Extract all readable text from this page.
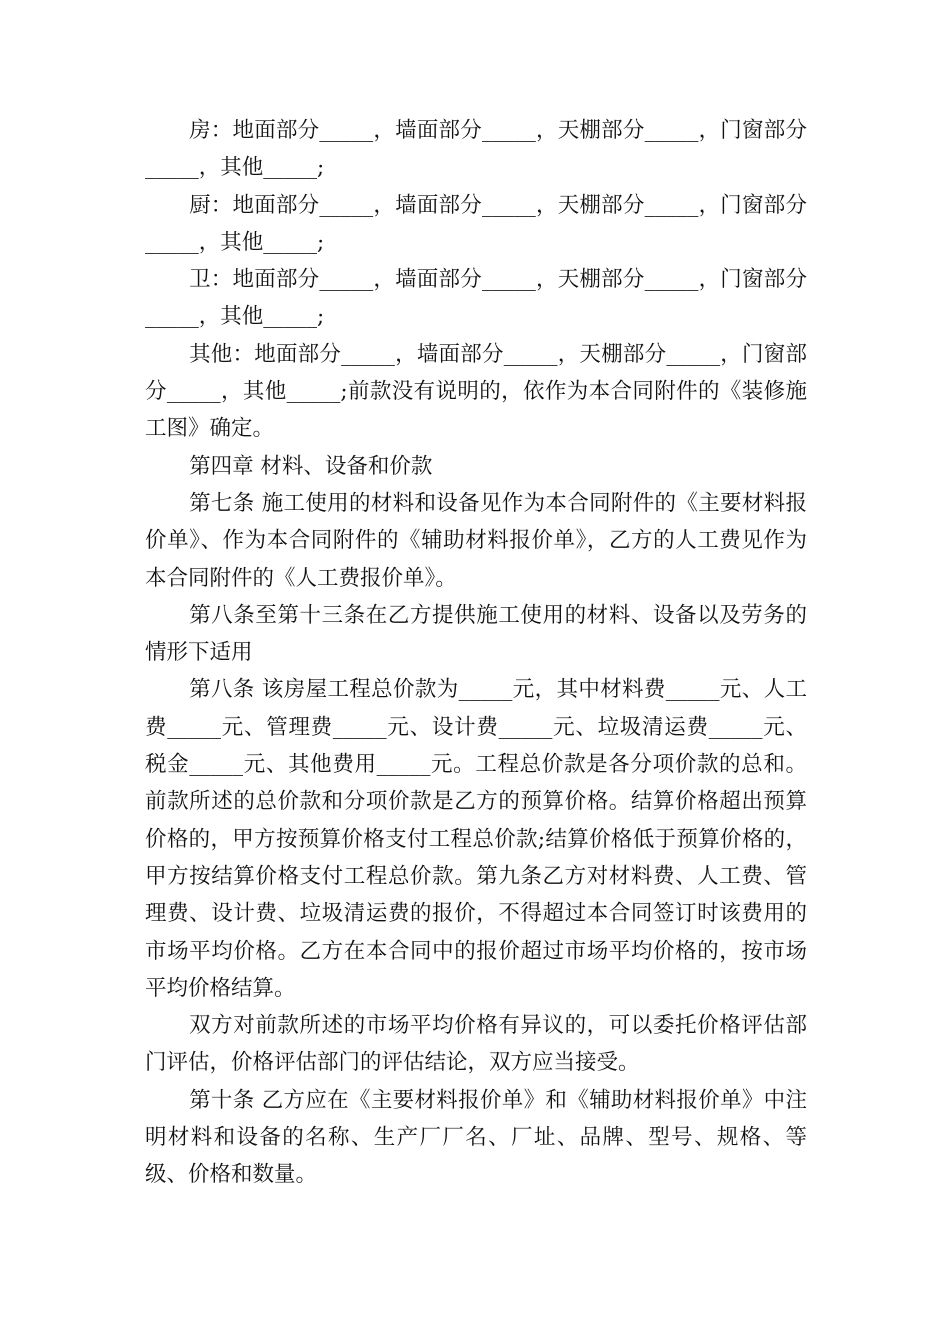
房：地面部分_____，墙面部分_____，天棚部分_____，门窗部分_____，其他_____;

厨：地面部分_____，墙面部分_____，天棚部分_____，门窗部分_____，其他_____;

卫：地面部分_____，墙面部分_____，天棚部分_____，门窗部分_____，其他_____;

其他：地面部分_____，墙面部分_____，天棚部分_____，门窗部分_____，其他_____;前款没有说明的，依作为本合同附件的《装修施工图》确定。

第四章 材料、设备和价款

第七条 施工使用的材料和设备见作为本合同附件的《主要材料报价单》、作为本合同附件的《辅助材料报价单》，乙方的人工费见作为本合同附件的《人工费报价单》。

第八条至第十三条在乙方提供施工使用的材料、设备以及劳务的情形下适用

第八条 该房屋工程总价款为_____元，其中材料费_____元、人工费_____元、管理费_____元、设计费_____元、垃圾清运费_____元、税金_____元、其他费用_____元。工程总价款是各分项价款的总和。前款所述的总价款和分项价款是乙方的预算价格。结算价格超出预算价格的，甲方按预算价格支付工程总价款;结算价格低于预算价格的，甲方按结算价格支付工程总价款。第九条乙方对材料费、人工费、管理费、设计费、垃圾清运费的报价，不得超过本合同签订时该费用的市场平均价格。乙方在本合同中的报价超过市场平均价格的，按市场平均价格结算。

双方对前款所述的市场平均价格有异议的，可以委托价格评估部门评估，价格评估部门的评估结论，双方应当接受。

第十条 乙方应在《主要材料报价单》和《辅助材料报价单》中注明材料和设备的名称、生产厂厂名、厂址、品牌、型号、规格、等级、价格和数量。
